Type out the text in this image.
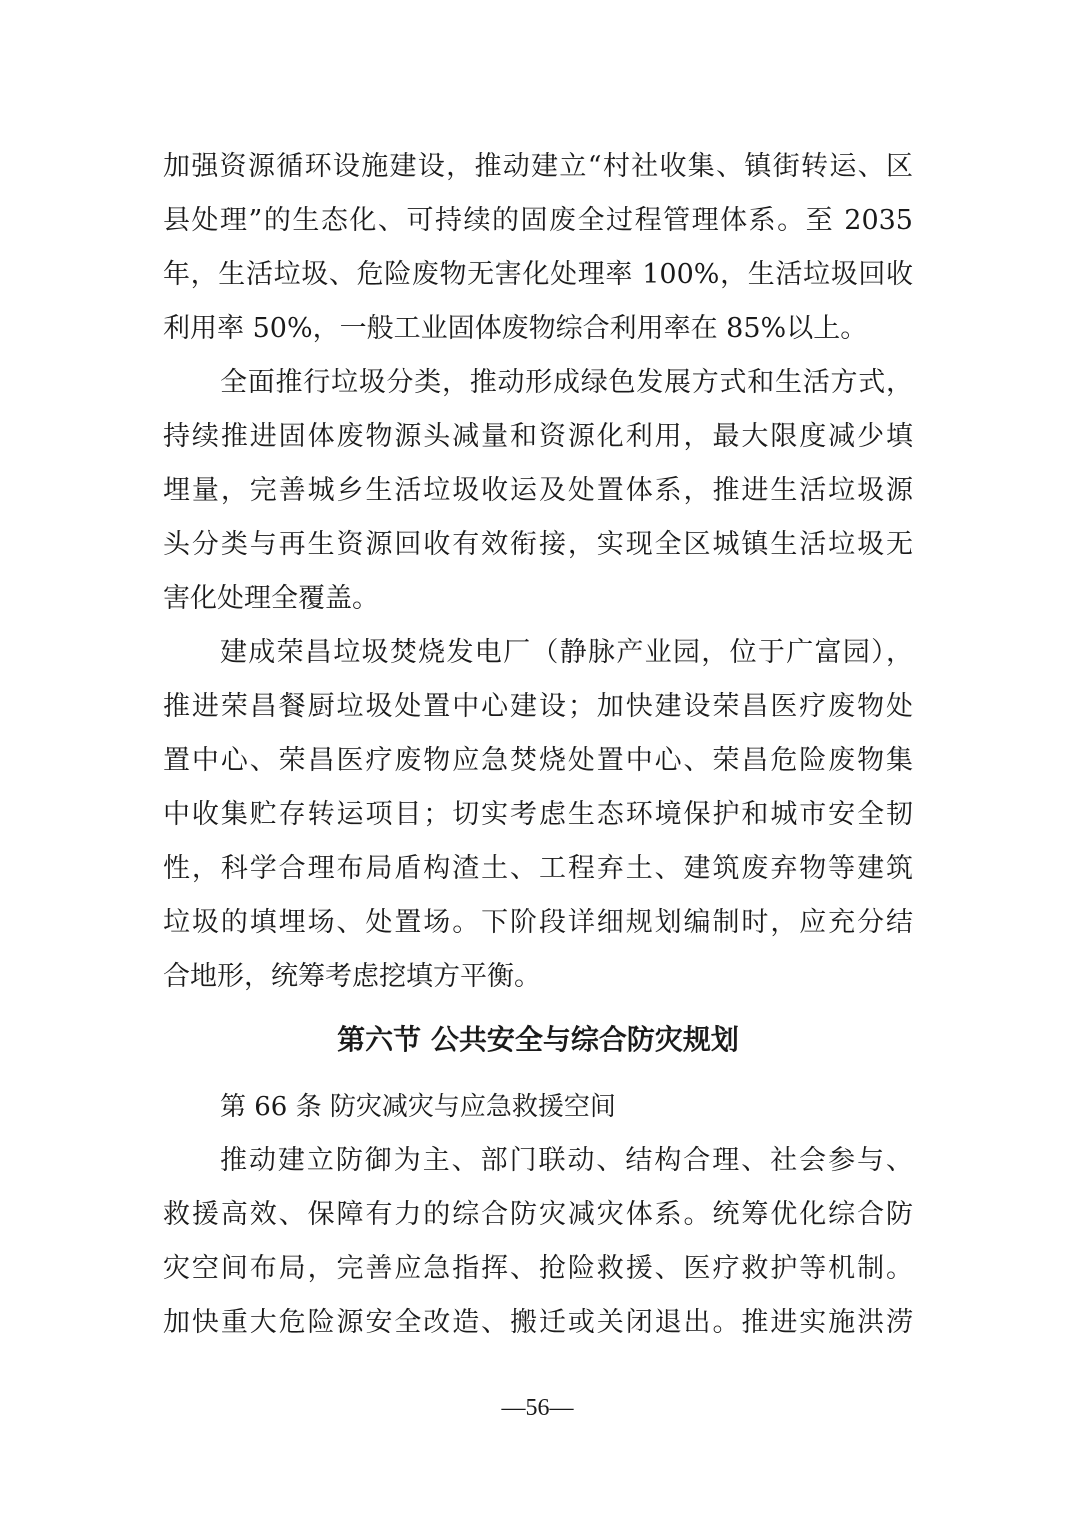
加强资源循环设施建设，推动建立“村社收集、镇街转运、区
县处理”的生态化、可持续的固废全过程管理体系。至 2035
年，生活垃圾、危险废物无害化处理率 100%，生活垃圾回收
利用率 50%，一般工业固体废物综合利用率在 85%以上。
全面推行垃圾分类，推动形成绿色发展方式和生活方式，
持续推进固体废物源头减量和资源化利用，最大限度减少填
埋量，完善城乡生活垃圾收运及处置体系，推进生活垃圾源
头分类与再生资源回收有效衔接，实现全区城镇生活垃圾无
害化处理全覆盖。
建成荣昌垃圾焚烧发电厂（静脉产业园，位于广富园），
推进荣昌餐厨垃圾处置中心建设；加快建设荣昌医疗废物处
置中心、荣昌医疗废物应急焚烧处置中心、荣昌危险废物集
中收集贮存转运项目；切实考虑生态环境保护和城市安全韧
性，科学合理布局盾构渣土、工程弃土、建筑废弃物等建筑
垃圾的填埋场、处置场。下阶段详细规划编制时，应充分结
合地形，统筹考虑挖填方平衡。
第六节 公共安全与综合防灾规划
第 66 条 防灾减灾与应急救援空间
推动建立防御为主、部门联动、结构合理、社会参与、
救援高效、保障有力的综合防灾减灾体系。统筹优化综合防
灾空间布局，完善应急指挥、抢险救援、医疗救护等机制。
加快重大危险源安全改造、搬迁或关闭退出。推进实施洪涝
—56—
